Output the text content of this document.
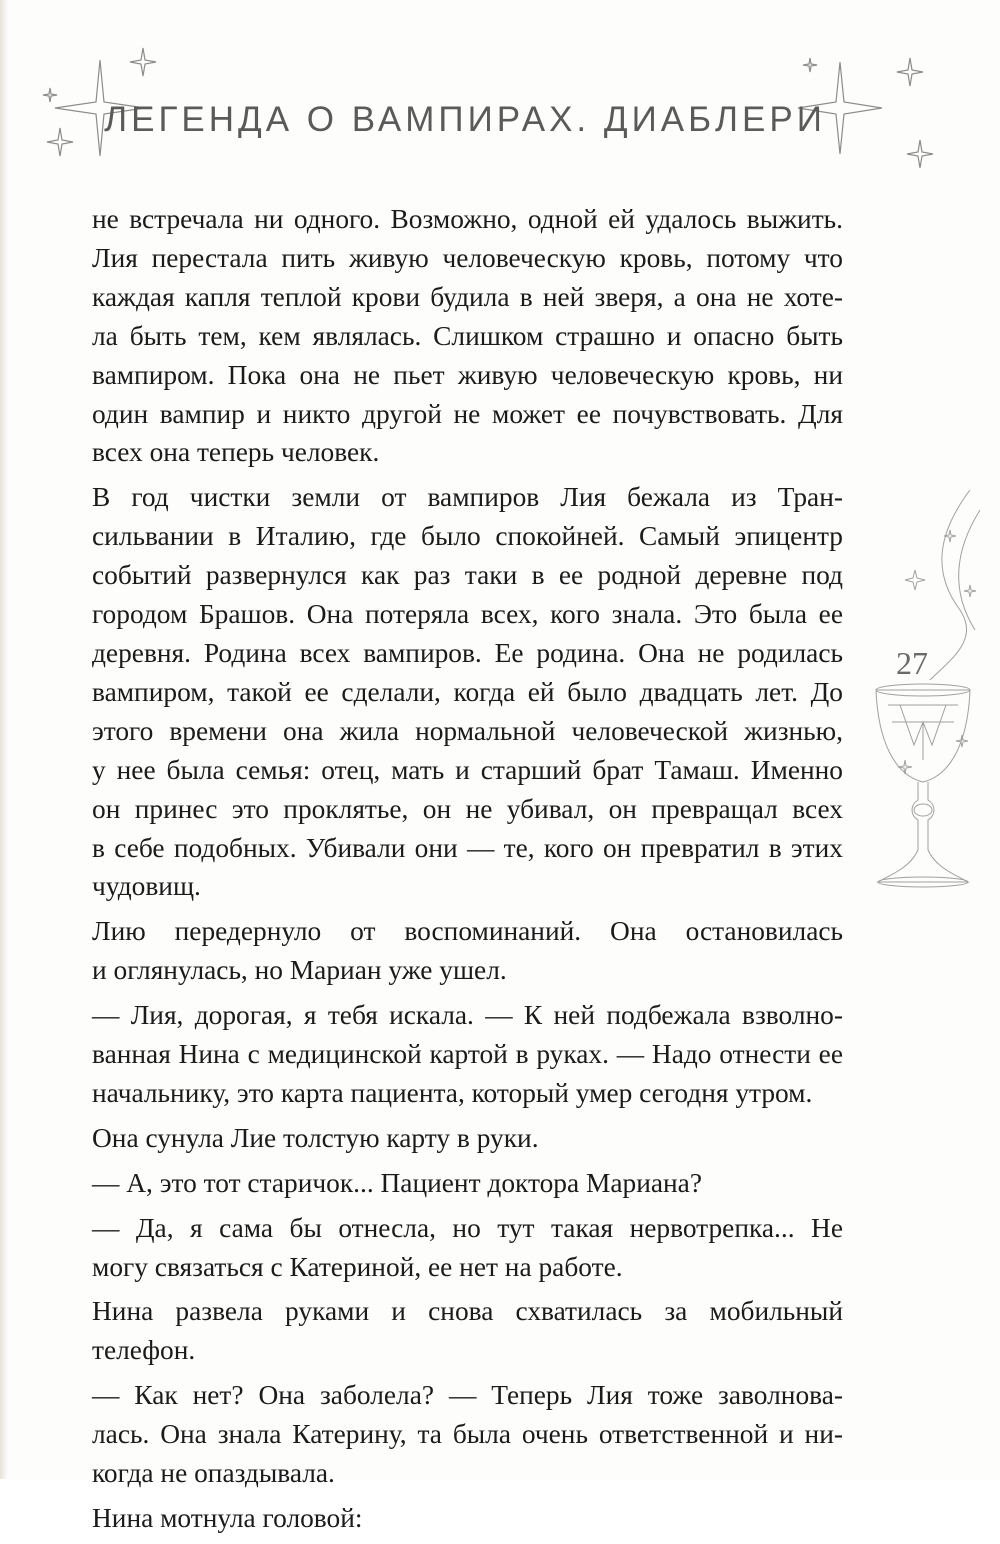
ЛЕГЕНДА О ВАМПИРАХ. ДИАБЛЕРИ
не встречала ни одного. Возможно, одной ей удалось выжить.
Лия перестала пить живую человеческую кровь, потому что
каждая капля теплой крови будила в ней зверя, а она не хоте-
ла быть тем, кем являлась. Слишком страшно и опасно быть
вампиром. Пока она не пьет живую человеческую кровь, ни
один вампир и никто другой не может ее почувствовать. Для
всех она теперь человек.
В год чистки земли от вампиров Лия бежала из Тран-
сильвании в Италию, где было спокойней. Самый эпицентр
событий развернулся как раз таки в ее родной деревне под
городом Брашов. Она потеряла всех, кого знала. Это была ее
деревня. Родина всех вампиров. Ее родина. Она не родилась
вампиром, такой ее сделали, когда ей было двадцать лет. До
этого времени она жила нормальной человеческой жизнью,
у нее была семья: отец, мать и старший брат Тамаш. Именно
он принес это проклятье, он не убивал, он превращал всех
в себе подобных. Убивали они — те, кого он превратил в этих
чудовищ.
Лию передернуло от воспоминаний. Она остановилась
и оглянулась, но Мариан уже ушел.
— Лия, дорогая, я тебя искала. — К ней подбежала взволно-
ванная Нина с медицинской картой в руках. — Надо отнести ее
начальнику, это карта пациента, который умер сегодня утром.
Она сунула Лие толстую карту в руки.
— А, это тот старичок... Пациент доктора Мариана?
— Да, я сама бы отнесла, но тут такая нервотрепка... Не
могу связаться с Катериной, ее нет на работе.
Нина развела руками и снова схватилась за мобильный
телефон.
— Как нет? Она заболела? — Теперь Лия тоже заволнова-
лась. Она знала Катерину, та была очень ответственной и ни-
когда не опаздывала.
Нина мотнула головой:
27
